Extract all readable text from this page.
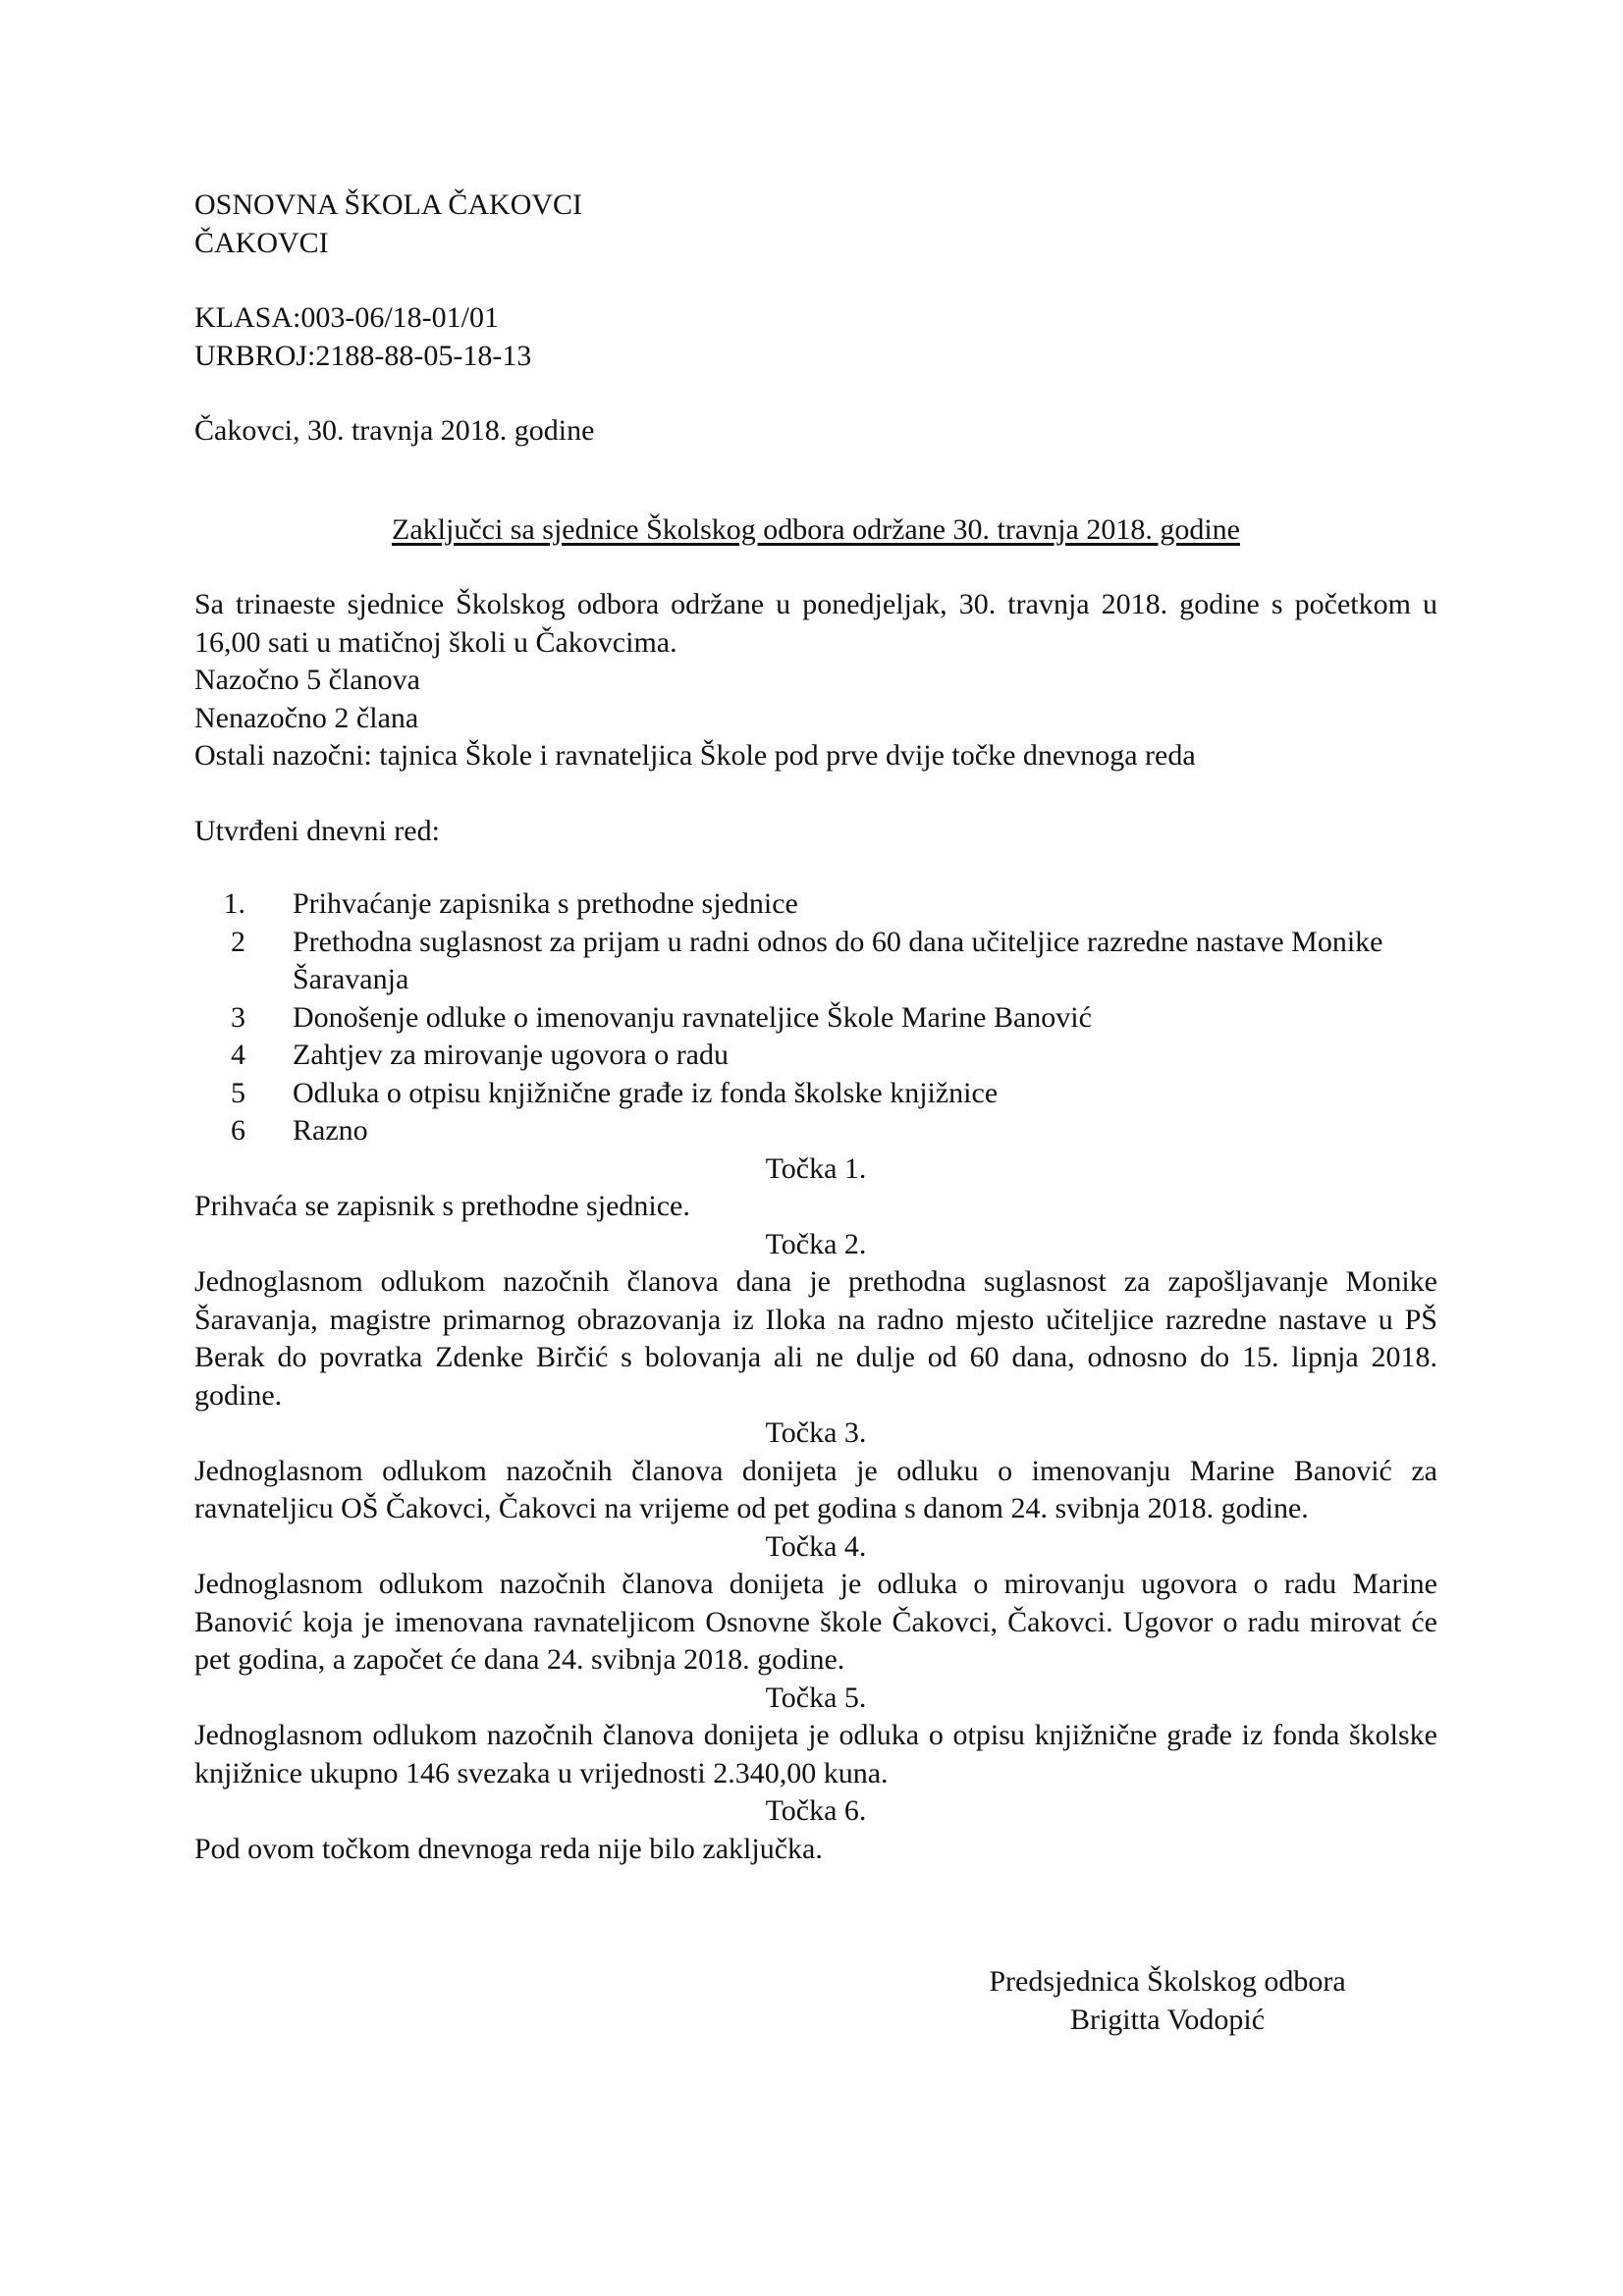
OSNOVNA ŠKOLA ČAKOVCI
ČAKOVCI
KLASA:003-06/18-01/01
URBROJ:2188-88-05-18-13
Čakovci, 30. travnja 2018. godine
Zaključci sa sjednice Školskog odbora održane 30. travnja 2018. godine
Sa trinaeste sjednice Školskog odbora održane u ponedjeljak, 30. travnja 2018. godine s početkom u 16,00 sati u matičnoj školi u Čakovcima.
Nazočno 5 članova
Nenazočno 2 člana
Ostali nazočni: tajnica Škole i ravnateljica Škole pod prve dvije točke dnevnoga reda
Utvrđeni dnevni red:
1.	Prihvaćanje zapisnika s prethodne sjednice
2	Prethodna suglasnost za prijam u radni odnos do 60 dana učiteljice razredne nastave Monike Šaravanja
3	Donošenje odluke o imenovanju ravnateljice Škole Marine Banović
4	Zahtjev za mirovanje ugovora o radu
5	Odluka o otpisu knjižnične građe iz fonda školske knjižnice
6	Razno
Točka 1.
Prihvaća se zapisnik s prethodne sjednice.
Točka 2.
Jednoglasnom odlukom nazočnih članova dana je prethodna suglasnost za zapošljavanje Monike Šaravanja, magistre primarnog obrazovanja iz Iloka na radno mjesto učiteljice razredne nastave u PŠ Berak do povratka Zdenke Birčić s bolovanja ali ne dulje od 60 dana, odnosno do 15. lipnja 2018. godine.
Točka 3.
Jednoglasnom odlukom nazočnih članova donijeta je odluku o imenovanju Marine Banović za ravnateljicu OŠ Čakovci, Čakovci na vrijeme od pet godina s danom 24. svibnja 2018. godine.
Točka 4.
Jednoglasnom odlukom nazočnih članova donijeta je odluka o mirovanju ugovora o radu Marine Banović koja je imenovana ravnateljicom Osnovne škole Čakovci, Čakovci. Ugovor o radu mirovat će pet godina, a započet će dana 24. svibnja 2018. godine.
Točka 5.
Jednoglasnom odlukom nazočnih članova donijeta je odluka o otpisu knjižnične građe iz fonda školske knjižnice ukupno 146 svezaka u vrijednosti 2.340,00 kuna.
Točka 6.
Pod ovom točkom dnevnoga reda nije bilo zaključka.
Predsjednica Školskog odbora
Brigitta Vodopić
